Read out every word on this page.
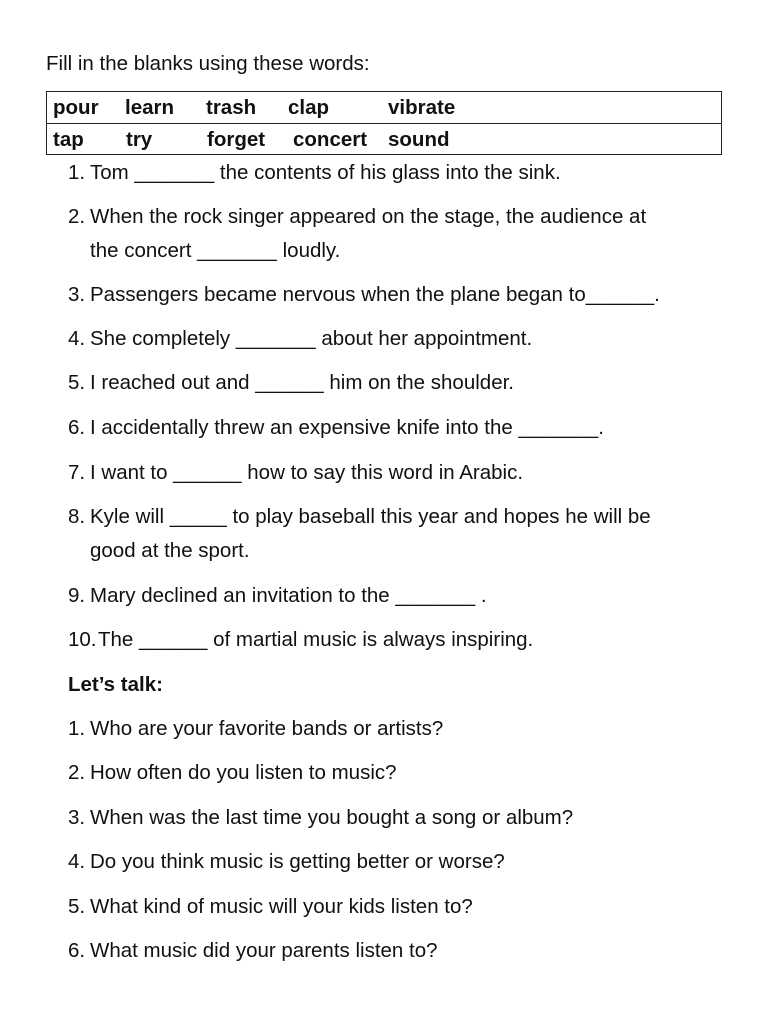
Fill in the blanks using these words:
pour learn trash clap	vibrate
tap try	forget concert sound
1. Tom _______ the contents of his glass into the sink.
2. When the rock singer appeared on the stage, the audience at
the concert _______ loudly.
3. Passengers became nervous when the plane began to______.
4. She completely _______ about her appointment.
5. I reached out and ______ him on the shoulder.
6. I accidentally threw an expensive knife into the _______.
7. I want to ______ how to say this word in Arabic.
8. Kyle will _____ to play baseball this year and hopes he will be
good at the sport.
9. Mary declined an invitation to the _______ .
10.The ______ of martial music is always inspiring.
Let’s talk:
1. Who are your favorite bands or artists?
2. How often do you listen to music?
3. When was the last time you bought a song or album?
4. Do you think music is getting better or worse?
5. What kind of music will your kids listen to?
6. What music did your parents listen to?
